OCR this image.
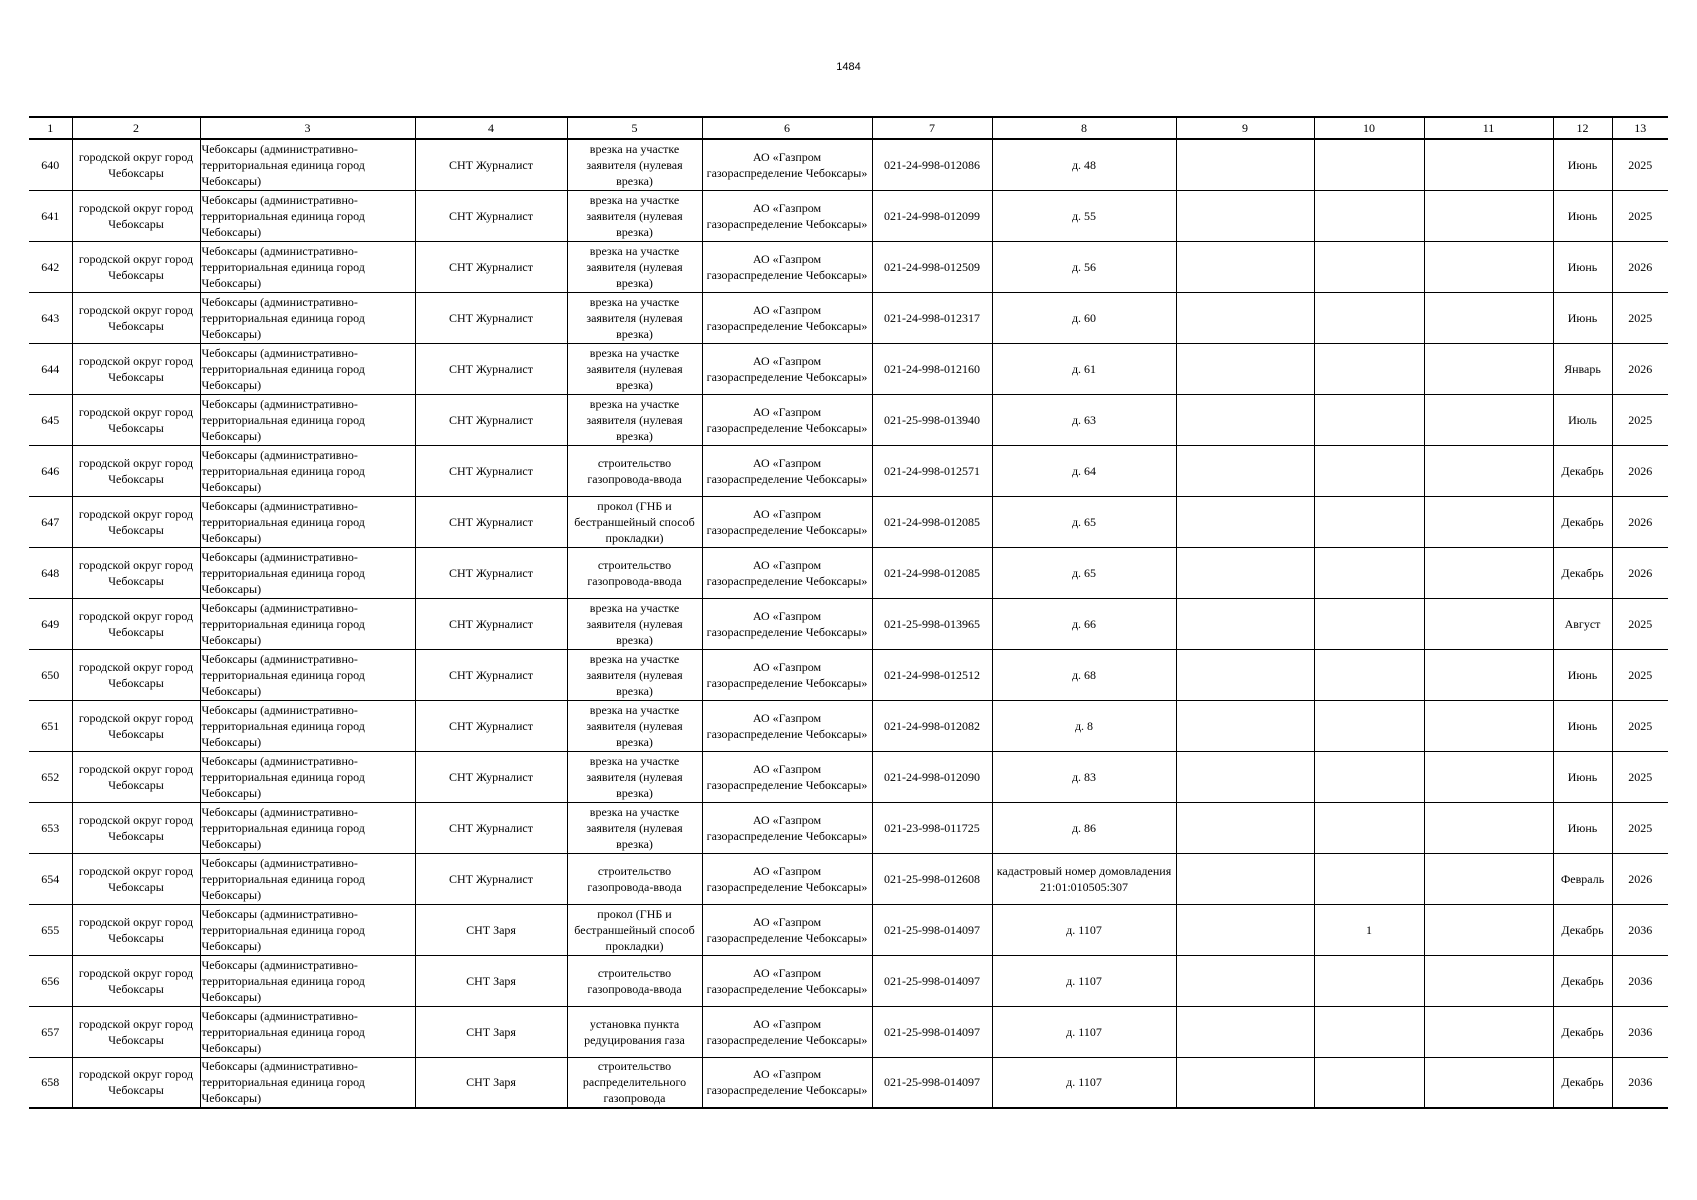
1484
1	2	3	4	5	6	7	8	9	10	11	12	13
640	городской округ город Чебоксары	Чебоксары (административно-территориальная единица город Чебоксары)	СНТ Журналист	врезка на участке заявителя (нулевая врезка)	АО «Газпром газораспределение Чебоксары»	021-24-998-012086	д. 48				Июнь	2025
641	городской округ город Чебоксары	Чебоксары (административно-территориальная единица город Чебоксары)	СНТ Журналист	врезка на участке заявителя (нулевая врезка)	АО «Газпром газораспределение Чебоксары»	021-24-998-012099	д. 55				Июнь	2025
642	городской округ город Чебоксары	Чебоксары (административно-территориальная единица город Чебоксары)	СНТ Журналист	врезка на участке заявителя (нулевая врезка)	АО «Газпром газораспределение Чебоксары»	021-24-998-012509	д. 56				Июнь	2026
643	городской округ город Чебоксары	Чебоксары (административно-территориальная единица город Чебоксары)	СНТ Журналист	врезка на участке заявителя (нулевая врезка)	АО «Газпром газораспределение Чебоксары»	021-24-998-012317	д. 60				Июнь	2025
644	городской округ город Чебоксары	Чебоксары (административно-территориальная единица город Чебоксары)	СНТ Журналист	врезка на участке заявителя (нулевая врезка)	АО «Газпром газораспределение Чебоксары»	021-24-998-012160	д. 61				Январь	2026
645	городской округ город Чебоксары	Чебоксары (административно-территориальная единица город Чебоксары)	СНТ Журналист	врезка на участке заявителя (нулевая врезка)	АО «Газпром газораспределение Чебоксары»	021-25-998-013940	д. 63				Июль	2025
646	городской округ город Чебоксары	Чебоксары (административно-территориальная единица город Чебоксары)	СНТ Журналист	строительство газопровода-ввода	АО «Газпром газораспределение Чебоксары»	021-24-998-012571	д. 64				Декабрь	2026
647	городской округ город Чебоксары	Чебоксары (административно-территориальная единица город Чебоксары)	СНТ Журналист	прокол (ГНБ и бестраншейный способ прокладки)	АО «Газпром газораспределение Чебоксары»	021-24-998-012085	д. 65				Декабрь	2026
648	городской округ город Чебоксары	Чебоксары (административно-территориальная единица город Чебоксары)	СНТ Журналист	строительство газопровода-ввода	АО «Газпром газораспределение Чебоксары»	021-24-998-012085	д. 65				Декабрь	2026
649	городской округ город Чебоксары	Чебоксары (административно-территориальная единица город Чебоксары)	СНТ Журналист	врезка на участке заявителя (нулевая врезка)	АО «Газпром газораспределение Чебоксары»	021-25-998-013965	д. 66				Август	2025
650	городской округ город Чебоксары	Чебоксары (административно-территориальная единица город Чебоксары)	СНТ Журналист	врезка на участке заявителя (нулевая врезка)	АО «Газпром газораспределение Чебоксары»	021-24-998-012512	д. 68				Июнь	2025
651	городской округ город Чебоксары	Чебоксары (административно-территориальная единица город Чебоксары)	СНТ Журналист	врезка на участке заявителя (нулевая врезка)	АО «Газпром газораспределение Чебоксары»	021-24-998-012082	д. 8				Июнь	2025
652	городской округ город Чебоксары	Чебоксары (административно-территориальная единица город Чебоксары)	СНТ Журналист	врезка на участке заявителя (нулевая врезка)	АО «Газпром газораспределение Чебоксары»	021-24-998-012090	д. 83				Июнь	2025
653	городской округ город Чебоксары	Чебоксары (административно-территориальная единица город Чебоксары)	СНТ Журналист	врезка на участке заявителя (нулевая врезка)	АО «Газпром газораспределение Чебоксары»	021-23-998-011725	д. 86				Июнь	2025
654	городской округ город Чебоксары	Чебоксары (административно-территориальная единица город Чебоксары)	СНТ Журналист	строительство газопровода-ввода	АО «Газпром газораспределение Чебоксары»	021-25-998-012608	кадастровый номер домовладения 21:01:010505:307				Февраль	2026
655	городской округ город Чебоксары	Чебоксары (административно-территориальная единица город Чебоксары)	СНТ Заря	прокол (ГНБ и бестраншейный способ прокладки)	АО «Газпром газораспределение Чебоксары»	021-25-998-014097	д. 1107		1		Декабрь	2036
656	городской округ город Чебоксары	Чебоксары (административно-территориальная единица город Чебоксары)	СНТ Заря	строительство газопровода-ввода	АО «Газпром газораспределение Чебоксары»	021-25-998-014097	д. 1107				Декабрь	2036
657	городской округ город Чебоксары	Чебоксары (административно-территориальная единица город Чебоксары)	СНТ Заря	установка пункта редуцирования газа	АО «Газпром газораспределение Чебоксары»	021-25-998-014097	д. 1107				Декабрь	2036
658	городской округ город Чебоксары	Чебоксары (административно-территориальная единица город Чебоксары)	СНТ Заря	строительство распределительного газопровода	АО «Газпром газораспределение Чебоксары»	021-25-998-014097	д. 1107				Декабрь	2036
